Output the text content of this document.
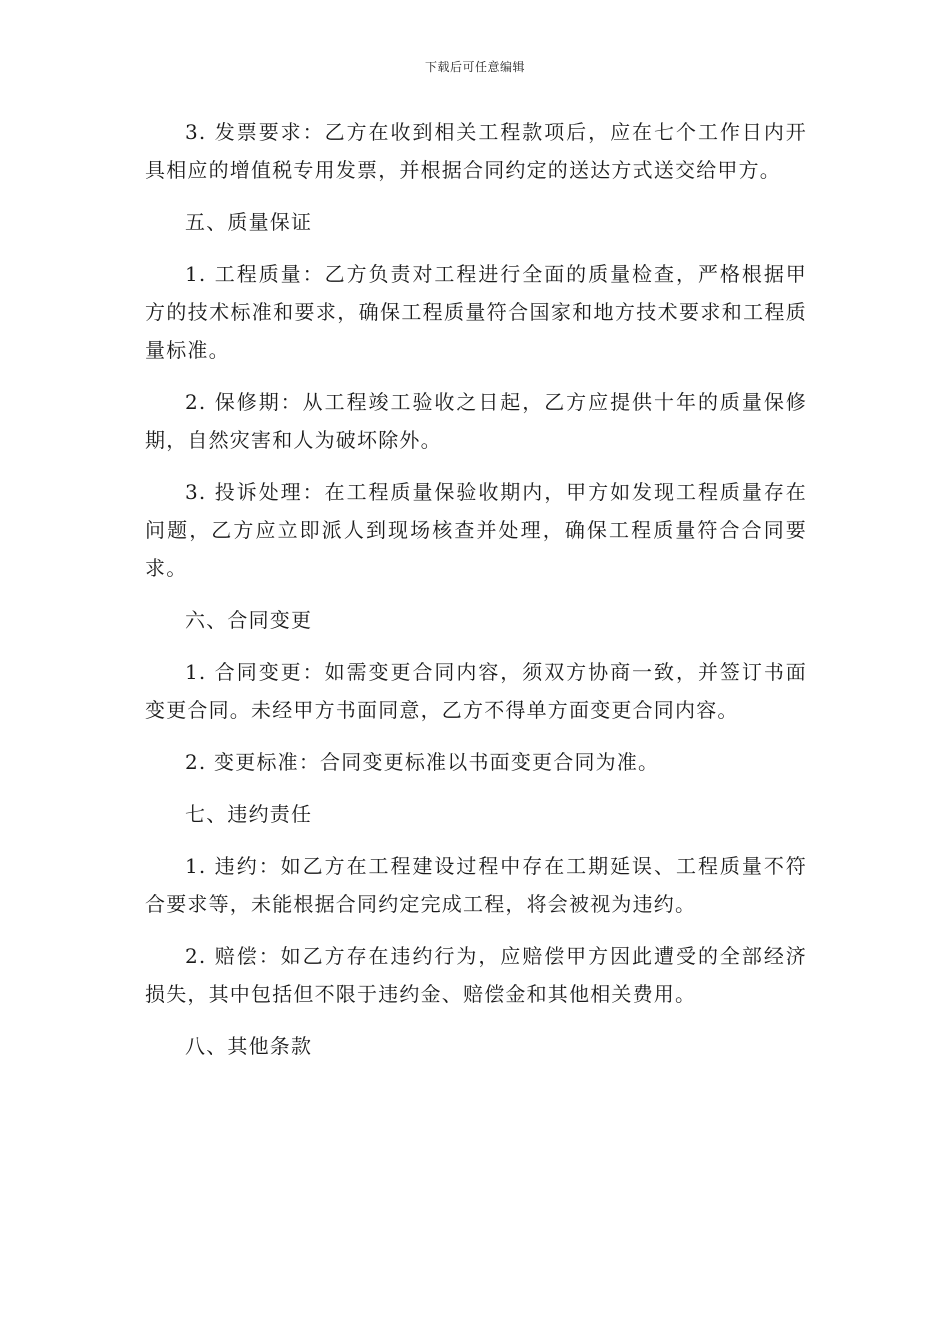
下载后可任意编辑

3. 发票要求：乙方在收到相关工程款项后，应在七个工作日内开具相应的增值税专用发票，并根据合同约定的送达方式送交给甲方。

五、质量保证

1. 工程质量：乙方负责对工程进行全面的质量检查，严格根据甲方的技术标准和要求，确保工程质量符合国家和地方技术要求和工程质量标准。

2. 保修期：从工程竣工验收之日起，乙方应提供十年的质量保修期，自然灾害和人为破坏除外。

3. 投诉处理：在工程质量保验收期内，甲方如发现工程质量存在问题，乙方应立即派人到现场核查并处理，确保工程质量符合合同要求。

六、合同变更

1. 合同变更：如需变更合同内容，须双方协商一致，并签订书面变更合同。未经甲方书面同意，乙方不得单方面变更合同内容。

2. 变更标准：合同变更标准以书面变更合同为准。

七、违约责任

1. 违约：如乙方在工程建设过程中存在工期延误、工程质量不符合要求等，未能根据合同约定完成工程，将会被视为违约。

2. 赔偿：如乙方存在违约行为，应赔偿甲方因此遭受的全部经济损失，其中包括但不限于违约金、赔偿金和其他相关费用。

八、其他条款
